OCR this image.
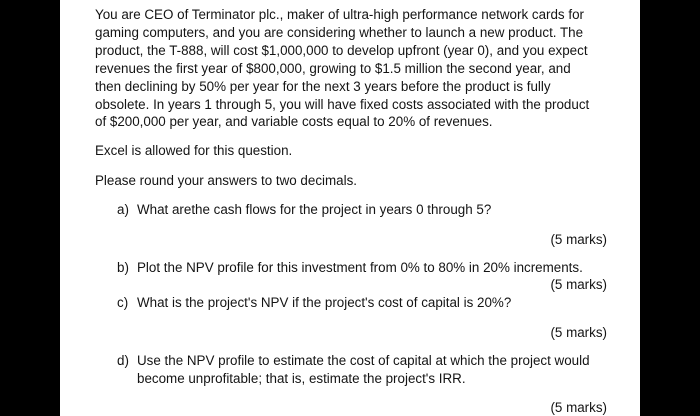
You are CEO of Terminator plc., maker of ultra-high performance network cards for
gaming computers, and you are considering whether to launch a new product. The
product, the T-888, will cost $1,000,000 to develop upfront (year 0), and you expect
revenues the first year of $800,000, growing to $1.5 million the second year, and
then declining by 50% per year for the next 3 years before the product is fully
obsolete. In years 1 through 5, you will have fixed costs associated with the product
of $200,000 per year, and variable costs equal to 20% of revenues.
Excel is allowed for this question.
Please round your answers to two decimals.
a) What arethe cash flows for the project in years 0 through 5?
(5 marks)
b) Plot the NPV profile for this investment from 0% to 80% in 20% increments.
(5 marks)
c) What is the project's NPV if the project's cost of capital is 20%?
(5 marks)
d) Use the NPV profile to estimate the cost of capital at which the project would
become unprofitable; that is, estimate the project's IRR.
(5 marks)
